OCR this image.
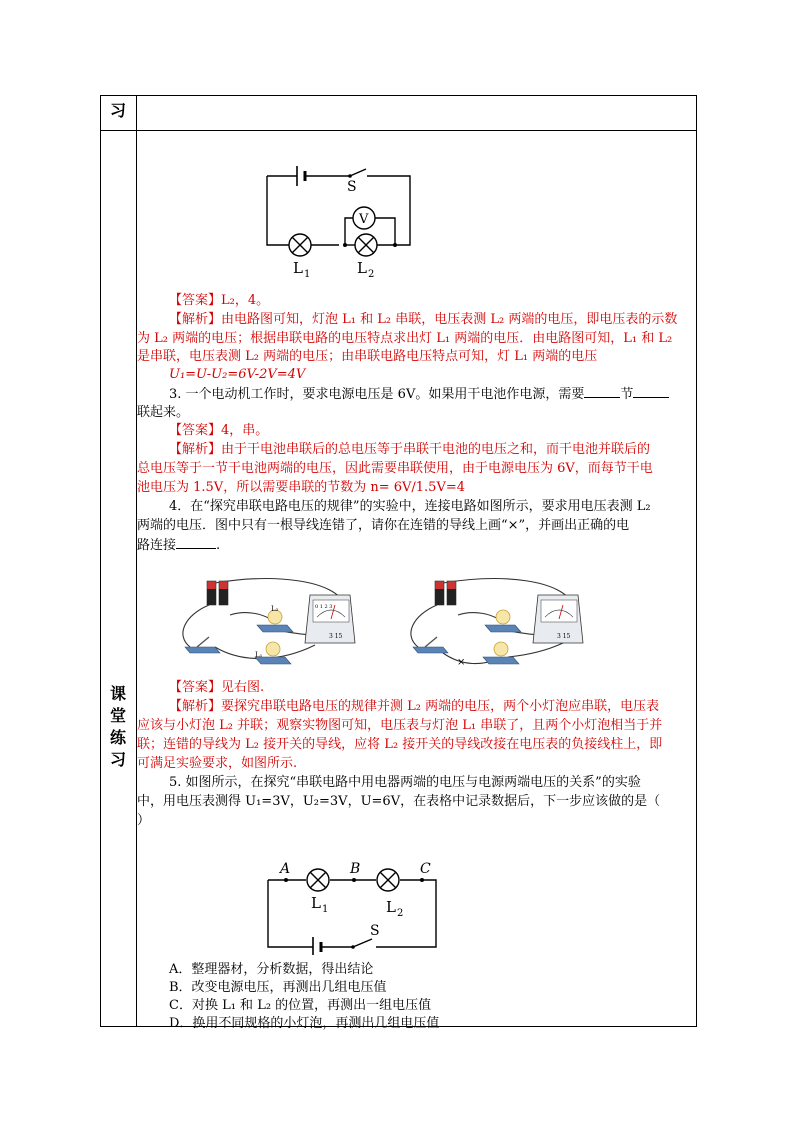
习
课
堂
练
习
V
S
L 1	L 2
【答案】L₂，4。
【解析】由电路图可知，灯泡 L₁ 和 L₂ 串联，电压表测 L₂ 两端的电压，即电压表的示数
为 L₂ 两端的电压；根据串联电路的电压特点求出灯 L₁ 两端的电压．由电路图可知，L₁ 和 L₂
是串联，电压表测 L₂ 两端的电压；由串联电路电压特点可知，灯 L₁ 两端的电压
U₁=U-U₂=6V-2V=4V
3. 一个电动机工作时，要求电源电压是 6V。如果用干电池作电源，需要	节
联起来。
【答案】4，串。
【解析】由于干电池串联后的总电压等于串联干电池的电压之和，而干电池并联后的
总电压等于一节干电池两端的电压，因此需要串联使用，由于电源电压为 6V，而每节干电
池电压为 1.5V，所以需要串联的节数为 n= 6V/1.5V=4
4．在“探究串联电路电压的规律”的实验中，连接电路如图所示，要求用电压表测 L₂
两端的电压．图中只有一根导线连错了，请你在连错的导线上画“×”，并画出正确的电
路连接	.
L₂	0 1 2 3
3 15
L₁
×
3 15
【答案】见右图.
【解析】要探究串联电路电压的规律并测 L₂ 两端的电压，两个小灯泡应串联，电压表
应该与小灯泡 L₂ 并联；观察实物图可知，电压表与灯泡 L₁ 串联了，且两个小灯泡相当于并
联；连错的导线为 L₂ 接开关的导线，应将 L₂ 接开关的导线改接在电压表的负接线柱上，即
可满足实验要求，如图所示.
5. 如图所示，在探究“串联电路中用电器两端的电压与电源两端电压的关系”的实验
中，用电压表测得 U₁=3V，U₂=3V，U=6V，在表格中记录数据后，下一步应该做的是（
）
A	B	C
L 1	L 2
S
A．整理器材，分析数据，得出结论
B．改变电源电压，再测出几组电压值
C．对换 L₁ 和 L₂ 的位置，再测出一组电压值
D．换用不同规格的小灯泡，再测出几组电压值
